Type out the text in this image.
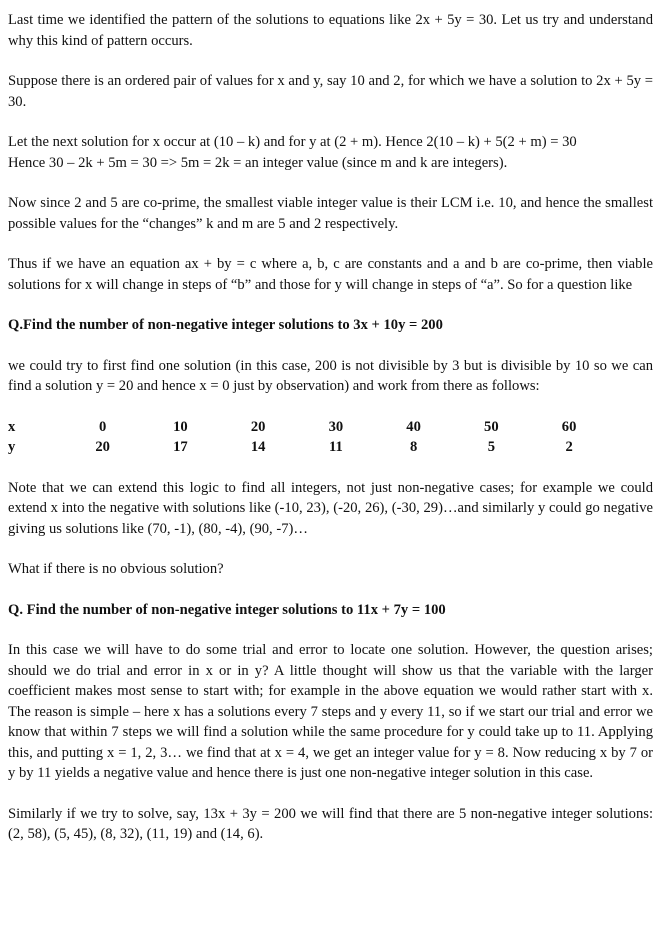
Last time we identified the pattern of the solutions to equations like 2x + 5y = 30. Let us try and understand why this kind of pattern occurs.

Suppose there is an ordered pair of values for x and y, say 10 and 2, for which we have a solution to 2x + 5y = 30.

Let the next solution for x occur at (10 – k) and for y at (2 + m). Hence 2(10 – k) + 5(2 + m) = 30

Hence 30 – 2k + 5m = 30 => 5m = 2k = an integer value (since m and k are integers).

Now since 2 and 5 are co-prime, the smallest viable integer value is their LCM i.e. 10, and hence the smallest possible values for the “changes” k and m are 5 and 2 respectively.

Thus if we have an equation ax + by = c where a, b, c are constants and a and b are co-prime, then viable solutions for x will change in steps of “b” and those for y will change in steps of “a”. So for a question like

Q.Find the number of non-negative integer solutions to 3x + 10y = 200

we could try to first find one solution (in this case, 200 is not divisible by 3 but is divisible by 10 so we can find a solution y = 20 and hence x = 0 just by observation) and work from there as follows:

x	0	10	20	30	40	50	60
y	20	17	14	11	8	5	2

Note that we can extend this logic to find all integers, not just non-negative cases; for example we could extend x into the negative with solutions like (-10, 23), (-20, 26), (-30, 29)…and similarly y could go negative giving us solutions like (70, -1), (80, -4), (90, -7)…

What if there is no obvious solution?

Q. Find the number of non-negative integer solutions to 11x + 7y = 100

In this case we will have to do some trial and error to locate one solution. However, the question arises; should we do trial and error in x or in y? A little thought will show us that the variable with the larger coefficient makes most sense to start with; for example in the above equation we would rather start with x. The reason is simple – here x has a solutions every 7 steps and y every 11, so if we start our trial and error we know that within 7 steps we will find a solution while the same procedure for y could take up to 11. Applying this, and putting x = 1, 2, 3… we find that at x = 4, we get an integer value for y = 8. Now reducing x by 7 or y by 11 yields a negative value and hence there is just one non-negative integer solution in this case.

Similarly if we try to solve, say, 13x + 3y = 200 we will find that there are 5 non-negative integer solutions: (2, 58), (5, 45), (8, 32), (11, 19) and (14, 6).
